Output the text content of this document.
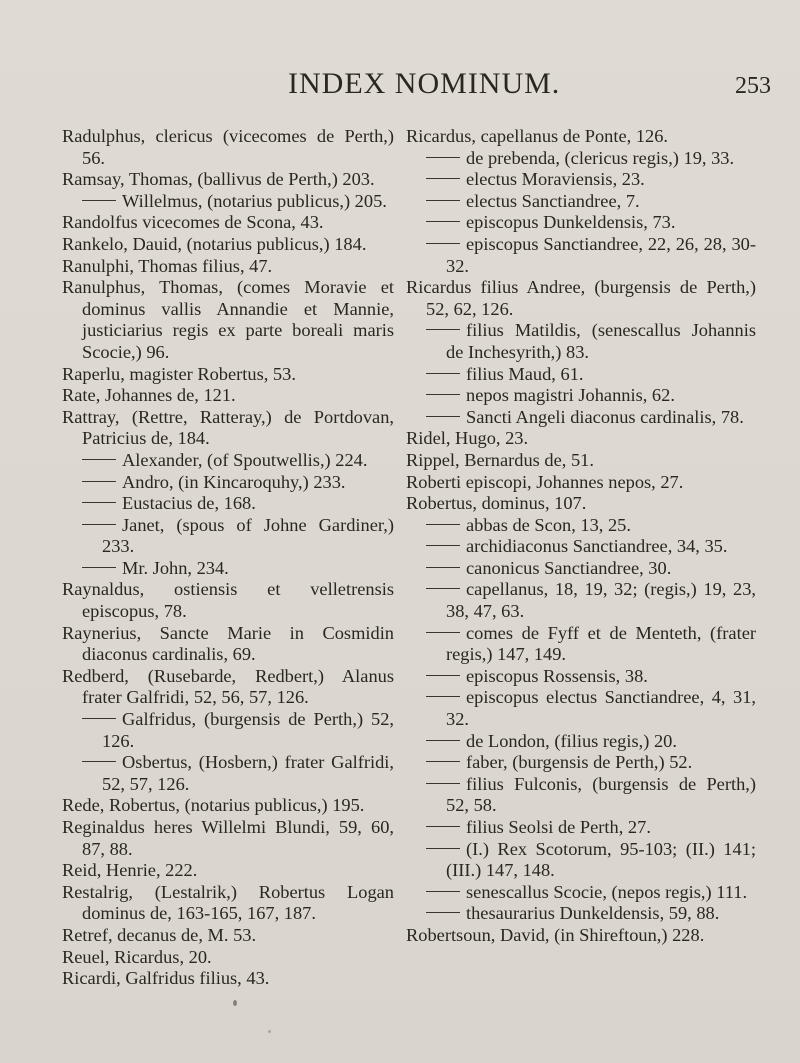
INDEX NOMINUM.	253

Radulphus, clericus (vicecomes de Perth,) 56.

Ramsay, Thomas, (ballivus de Perth,) 203.

Willelmus, (notarius publicus,) 205.

Randolfus vicecomes de Scona, 43.

Rankelo, Dauid, (notarius publicus,) 184.

Ranulphi, Thomas filius, 47.

Ranulphus, Thomas, (comes Moravie et dominus vallis Annandie et Mannie, justiciarius regis ex parte boreali maris Scocie,) 96.

Raperlu, magister Robertus, 53.

Rate, Johannes de, 121.

Rattray, (Rettre, Ratteray,) de Portdovan, Patricius de, 184.

Alexander, (of Spoutwellis,) 224.

Andro, (in Kincaroquhy,) 233.

Eustacius de, 168.

Janet, (spous of Johne Gardiner,) 233.

Mr. John, 234.

Raynaldus, ostiensis et velletrensis episcopus, 78.

Raynerius, Sancte Marie in Cosmidin diaconus cardinalis, 69.

Redberd, (Rusebarde, Redbert,) Alanus frater Galfridi, 52, 56, 57, 126.

Galfridus, (burgensis de Perth,) 52, 126.

Osbertus, (Hosbern,) frater Galfridi, 52, 57, 126.

Rede, Robertus, (notarius publicus,) 195.

Reginaldus heres Willelmi Blundi, 59, 60, 87, 88.

Reid, Henrie, 222.

Restalrig, (Lestalrik,) Robertus Logan dominus de, 163-165, 167, 187.

Retref, decanus de, M. 53.

Reuel, Ricardus, 20.

Ricardi, Galfridus filius, 43.

Ricardus, capellanus de Ponte, 126.

de prebenda, (clericus regis,) 19, 33.

electus Moraviensis, 23.

electus Sanctiandree, 7.

episcopus Dunkeldensis, 73.

episcopus Sanctiandree, 22, 26, 28, 30-32.

Ricardus filius Andree, (burgensis de Perth,) 52, 62, 126.

filius Matildis, (senescallus Johannis de Inchesyrith,) 83.

filius Maud, 61.

nepos magistri Johannis, 62.

Sancti Angeli diaconus cardinalis, 78.

Ridel, Hugo, 23.

Rippel, Bernardus de, 51.

Roberti episcopi, Johannes nepos, 27.

Robertus, dominus, 107.

abbas de Scon, 13, 25.

archidiaconus Sanctiandree, 34, 35.

canonicus Sanctiandree, 30.

capellanus, 18, 19, 32; (regis,) 19, 23, 38, 47, 63.

comes de Fyff et de Menteth, (frater regis,) 147, 149.

episcopus Rossensis, 38.

episcopus electus Sanctiandree, 4, 31, 32.

de London, (filius regis,) 20.

faber, (burgensis de Perth,) 52.

filius Fulconis, (burgensis de Perth,) 52, 58.

filius Seolsi de Perth, 27.

(I.) Rex Scotorum, 95-103; (II.) 141; (III.) 147, 148.

senescallus Scocie, (nepos regis,) 111.

thesaurarius Dunkeldensis, 59, 88.

Robertsoun, David, (in Shireftoun,) 228.
